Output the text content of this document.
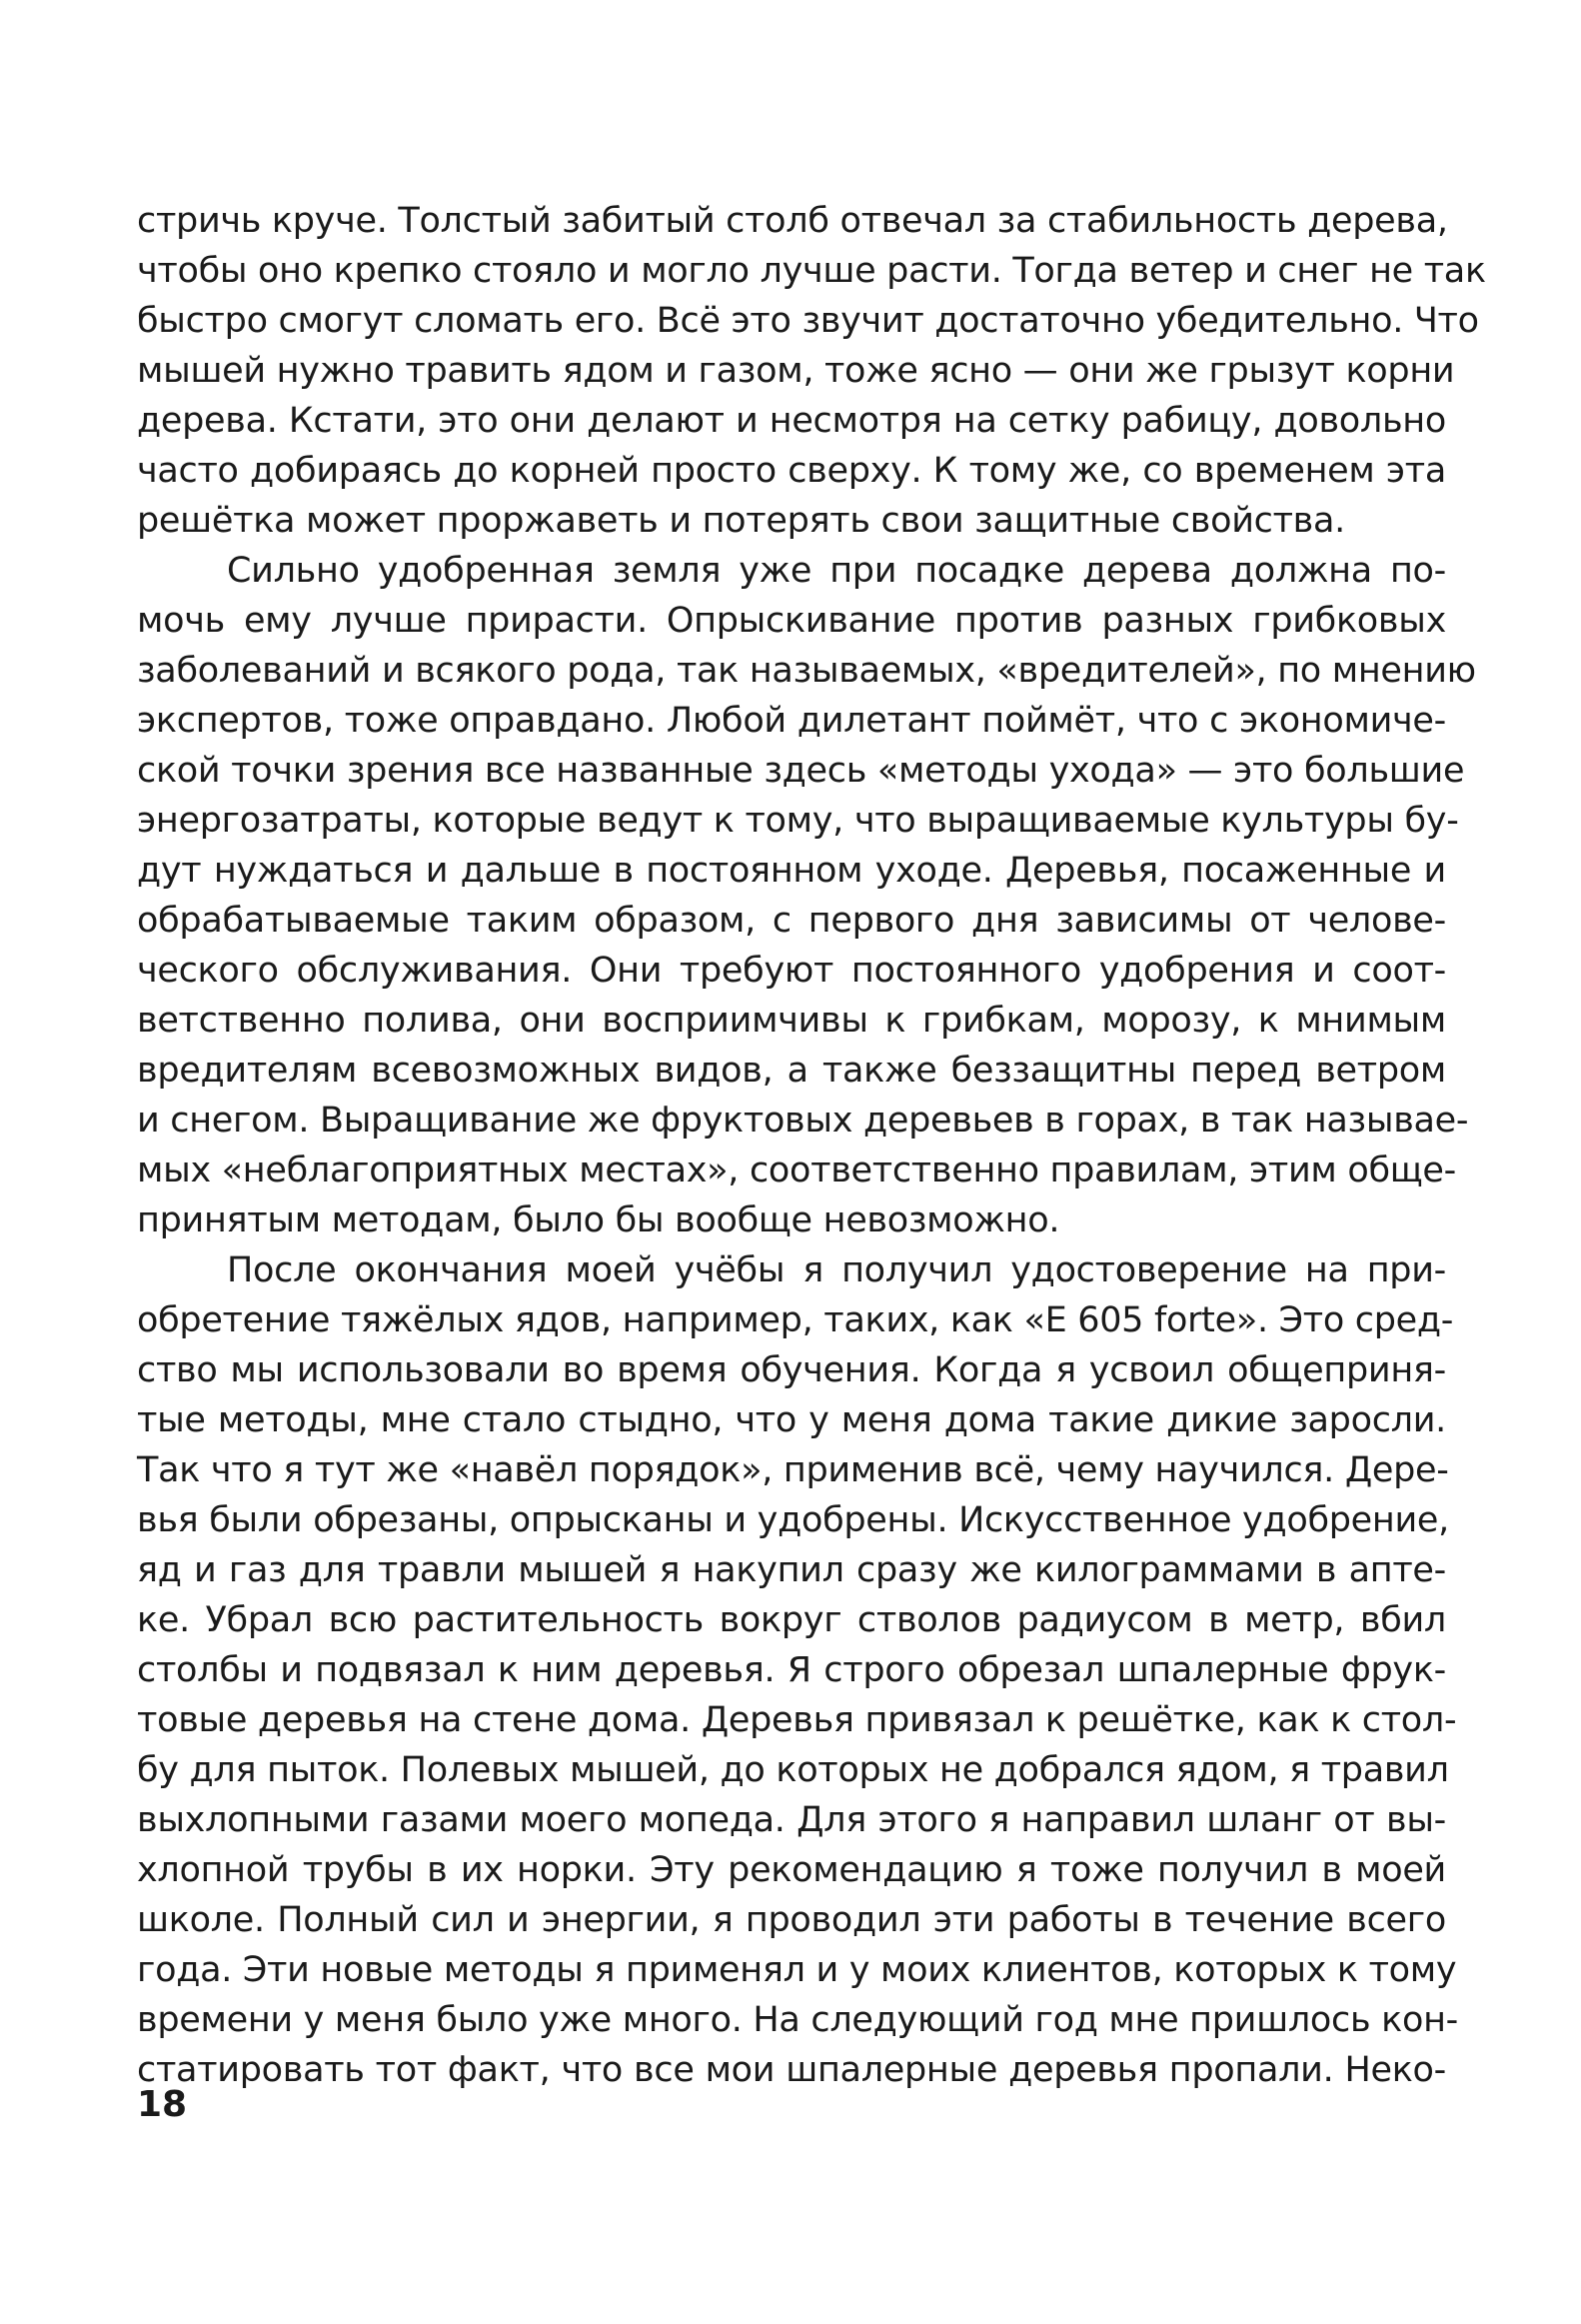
стричь круче. Толстый забитый столб отвечал за стабильность дерева,
чтобы оно крепко стояло и могло лучше расти. Тогда ветер и снег не так
быстро смогут сломать его. Всё это звучит достаточно убедительно. Что
мышей нужно травить ядом и газом, тоже ясно — они же грызут корни
дерева. Кстати, это они делают и несмотря на сетку рабицу, довольно
часто добираясь до корней просто сверху. К тому же, со временем эта
решётка может проржаветь и потерять свои защитные свойства.

Сильно удобренная земля уже при посадке дерева должна по-
мочь ему лучше прирасти. Опрыскивание против разных грибковых
заболеваний и всякого рода, так называемых, «вредителей», по мнению
экспертов, тоже оправдано. Любой дилетант поймёт, что с экономиче-
ской точки зрения все названные здесь «методы ухода» — это большие
энергозатраты, которые ведут к тому, что выращиваемые культуры бу-
дут нуждаться и дальше в постоянном уходе. Деревья, посаженные и
обрабатываемые таким образом, с первого дня зависимы от челове-
ческого обслуживания. Они требуют постоянного удобрения и соот-
ветственно полива, они восприимчивы к грибкам, морозу, к мнимым
вредителям всевозможных видов, а также беззащитны перед ветром
и снегом. Выращивание же фруктовых деревьев в горах, в так называе-
мых «неблагоприятных местах», соответственно правилам, этим обще-
принятым методам, было бы вообще невозможно.

После окончания моей учёбы я получил удостоверение на при-
обретение тяжёлых ядов, например, таких, как «Е 605 forte». Это сред-
ство мы использовали во время обучения. Когда я усвоил общеприня-
тые методы, мне стало стыдно, что у меня дома такие дикие заросли.
Так что я тут же «навёл порядок», применив всё, чему научился. Дере-
вья были обрезаны, опрысканы и удобрены. Искусственное удобрение,
яд и газ для травли мышей я накупил сразу же килограммами в апте-
ке. Убрал всю растительность вокруг стволов радиусом в метр, вбил
столбы и подвязал к ним деревья. Я строго обрезал шпалерные фрук-
товые деревья на стене дома. Деревья привязал к решётке, как к стол-
бу для пыток. Полевых мышей, до которых не добрался ядом, я травил
выхлопными газами моего мопеда. Для этого я направил шланг от вы-
хлопной трубы в их норки. Эту рекомендацию я тоже получил в моей
школе. Полный сил и энергии, я проводил эти работы в течение всего
года. Эти новые методы я применял и у моих клиентов, которых к тому
времени у меня было уже много. На следующий год мне пришлось кон-
статировать тот факт, что все мои шпалерные деревья пропали. Неко-

18
